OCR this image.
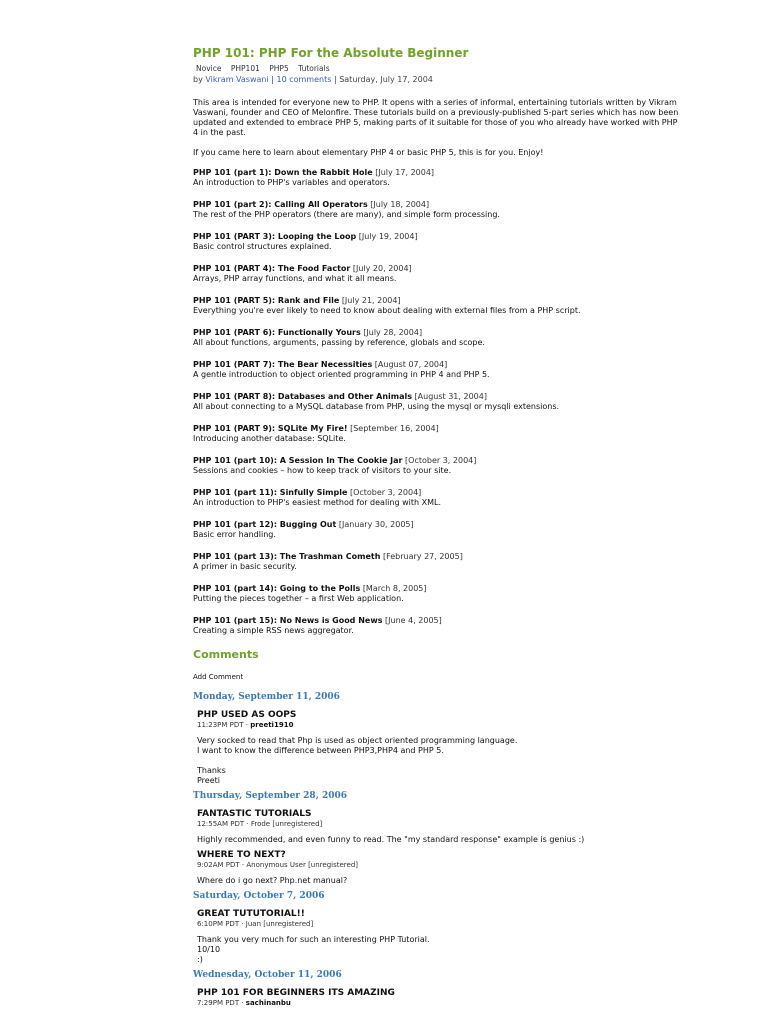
PHP 101: PHP For the Absolute Beginner
Novice PHP101 PHP5 Tutorials
by Vikram Vaswani | 10 comments | Saturday, July 17, 2004

This area is intended for everyone new to PHP. It opens with a series of informal, entertaining tutorials written by Vikram Vaswani, founder and CEO of Melonfire. These tutorials build on a previously-published 5-part series which has now been updated and extended to embrace PHP 5, making parts of it suitable for those of you who already have worked with PHP 4 in the past.

If you came here to learn about elementary PHP 4 or basic PHP 5, this is for you. Enjoy!

PHP 101 (part 1): Down the Rabbit Hole [July 17, 2004]
An introduction to PHP's variables and operators.
PHP 101 (part 2): Calling All Operators [July 18, 2004]
The rest of the PHP operators (there are many), and simple form processing.
PHP 101 (PART 3): Looping the Loop [July 19, 2004]
Basic control structures explained.
PHP 101 (PART 4): The Food Factor [July 20, 2004]
Arrays, PHP array functions, and what it all means.
PHP 101 (PART 5): Rank and File [July 21, 2004]
Everything you're ever likely to need to know about dealing with external files from a PHP script.
PHP 101 (PART 6): Functionally Yours [July 28, 2004]
All about functions, arguments, passing by reference, globals and scope.
PHP 101 (PART 7): The Bear Necessities [August 07, 2004]
A gentle introduction to object oriented programming in PHP 4 and PHP 5.
PHP 101 (PART 8): Databases and Other Animals [August 31, 2004]
All about connecting to a MySQL database from PHP, using the mysql or mysqli extensions.
PHP 101 (PART 9): SQLite My Fire! [September 16, 2004]
Introducing another database: SQLite.
PHP 101 (part 10): A Session In The Cookie Jar [October 3, 2004]
Sessions and cookies – how to keep track of visitors to your site.
PHP 101 (part 11): Sinfully Simple [October 3, 2004]
An introduction to PHP's easiest method for dealing with XML.
PHP 101 (part 12): Bugging Out [January 30, 2005]
Basic error handling.
PHP 101 (part 13): The Trashman Cometh [February 27, 2005]
A primer in basic security.
PHP 101 (part 14): Going to the Polls [March 8, 2005]
Putting the pieces together – a first Web application.
PHP 101 (part 15): No News is Good News [June 4, 2005]
Creating a simple RSS news aggregator.
Comments
Add Comment
Monday, September 11, 2006
PHP USED AS OOPS
11:23PM PDT · preeti1910
Very socked to read that Php is used as object oriented programming language.
I want to know the difference between PHP3,PHP4 and PHP 5.

Thanks
Preeti
Thursday, September 28, 2006
FANTASTIC TUTORIALS
12:55AM PDT · Frode [unregistered]
Highly recommended, and even funny to read. The "my standard response" example is genius :)
WHERE TO NEXT?
9:02AM PDT · Anonymous User [unregistered]
Where do i go next? Php.net manual?
Saturday, October 7, 2006
GREAT TUTUTORIAL!!
6:10PM PDT · Juan [unregistered]
Thank you very much for such an interesting PHP Tutorial.
10/10
:)
Wednesday, October 11, 2006
PHP 101 FOR BEGINNERS ITS AMAZING
7:29PM PDT · sachinanbu
